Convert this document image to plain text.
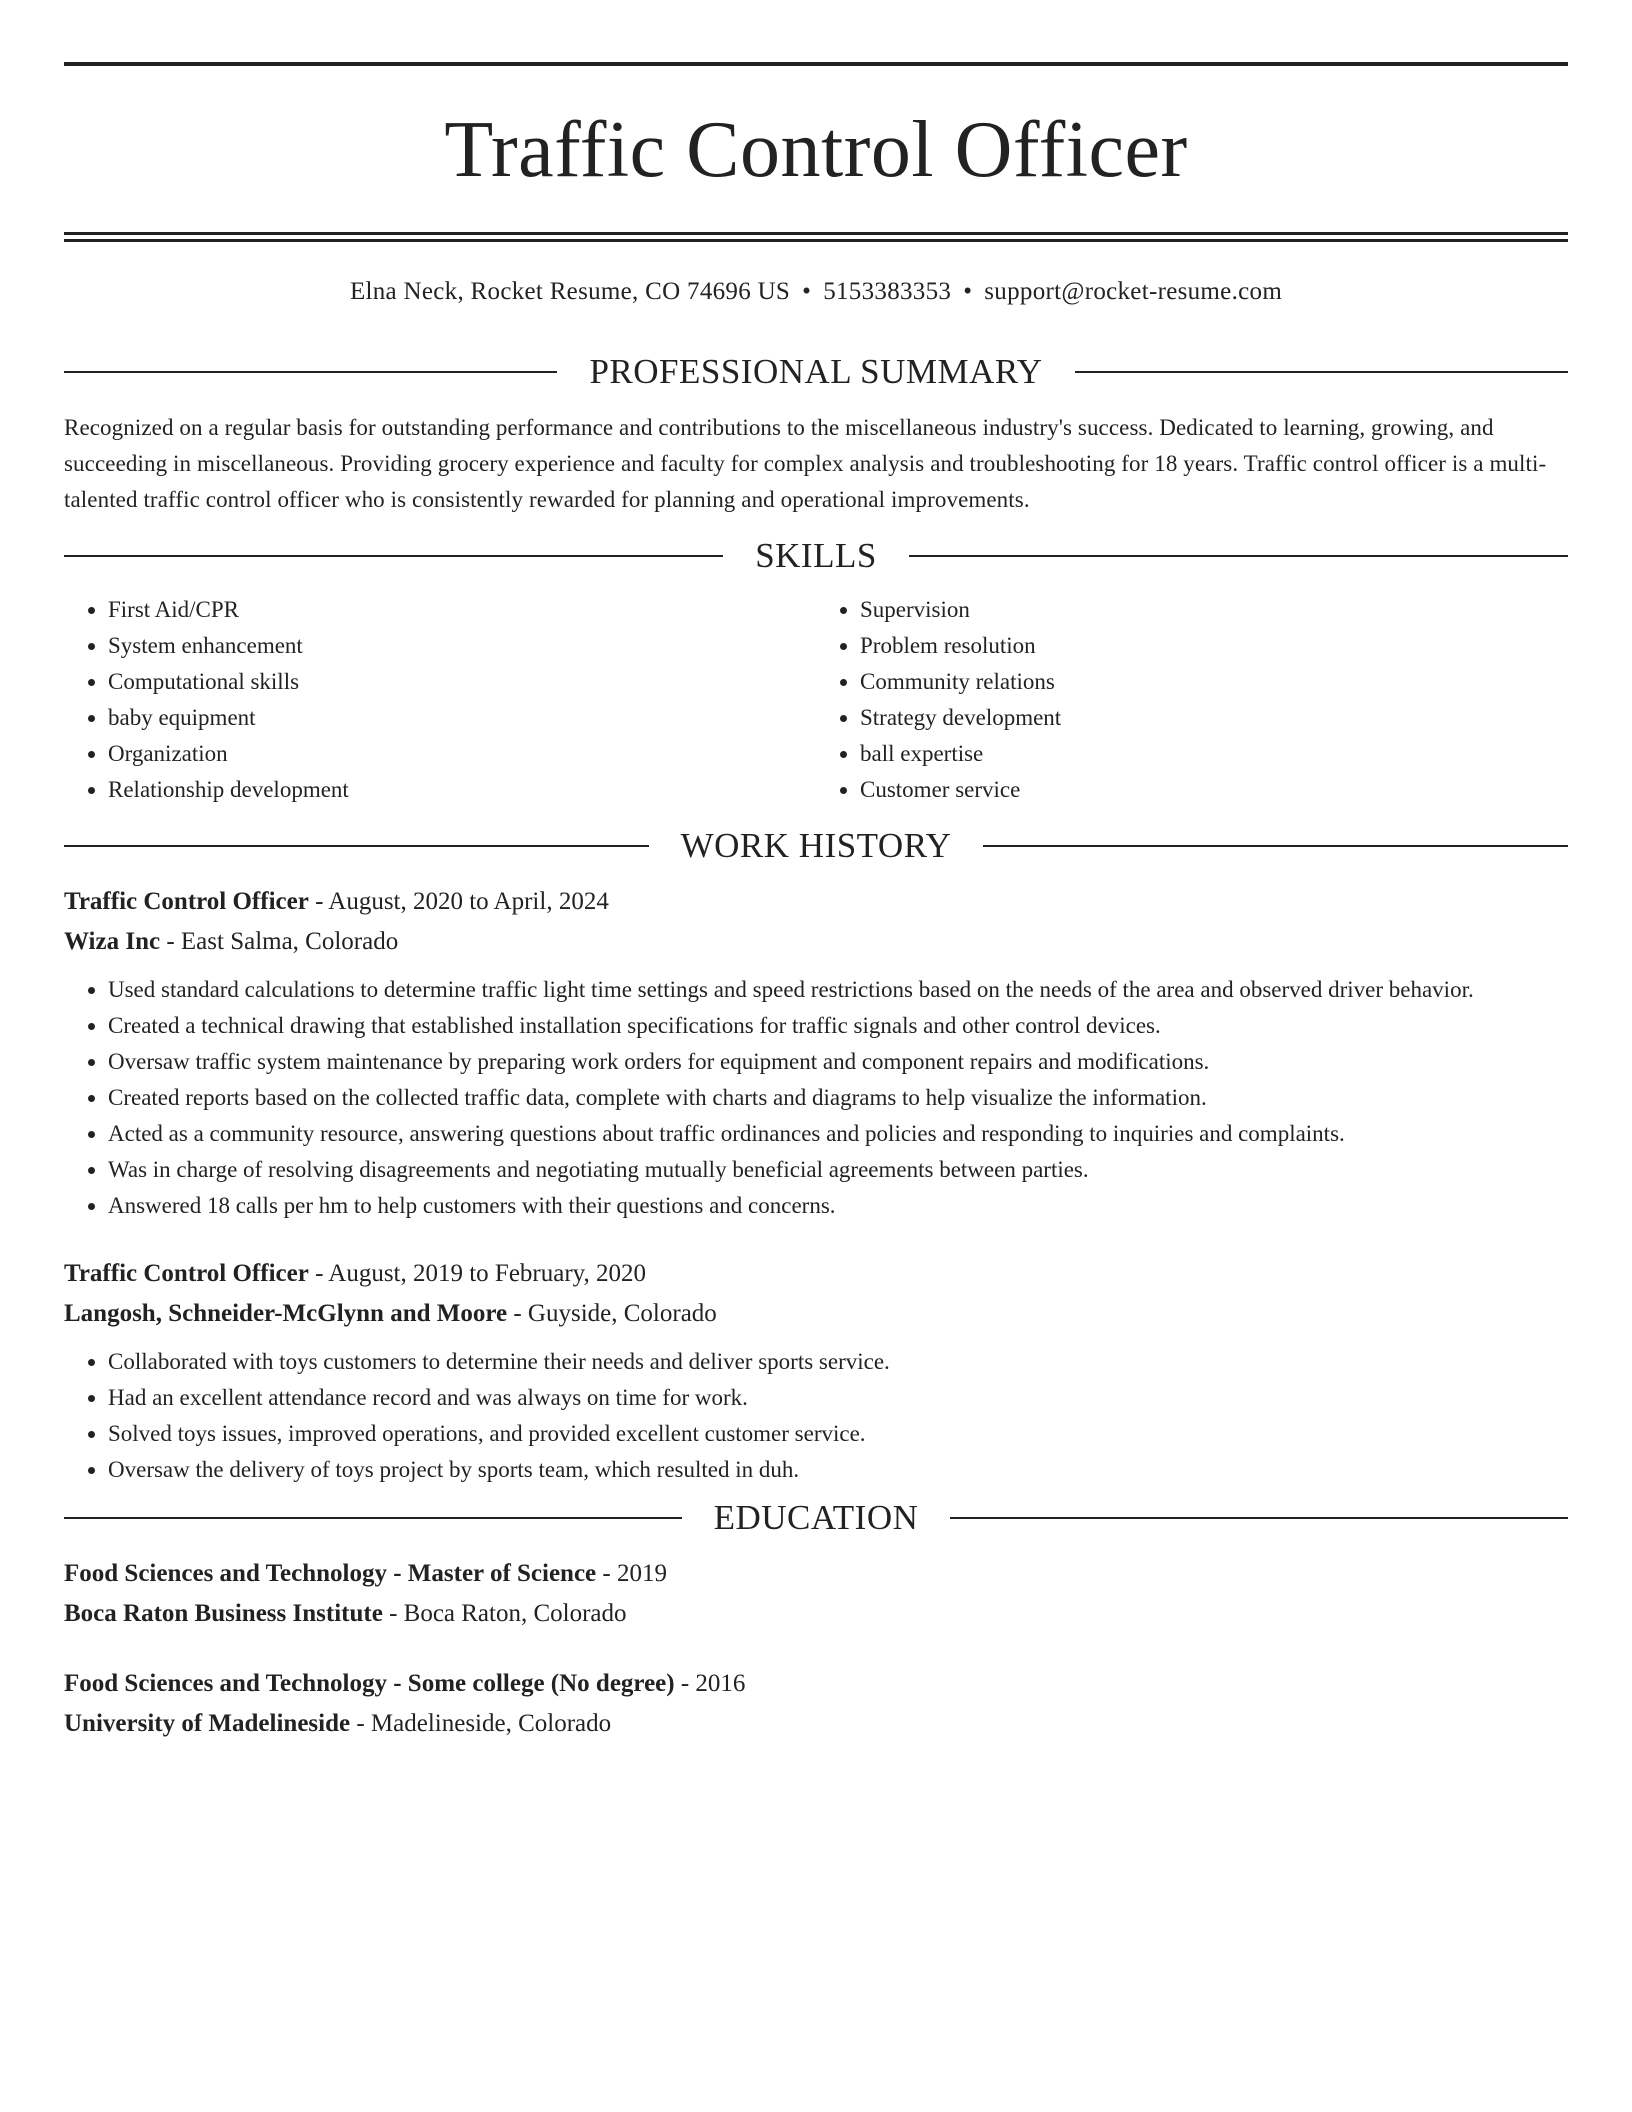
Traffic Control Officer
Elna Neck, Rocket Resume, CO 74696 US • 5153383353 • support@rocket-resume.com
PROFESSIONAL SUMMARY
Recognized on a regular basis for outstanding performance and contributions to the miscellaneous industry's success. Dedicated to learning, growing, and succeeding in miscellaneous. Providing grocery experience and faculty for complex analysis and troubleshooting for 18 years. Traffic control officer is a multi-talented traffic control officer who is consistently rewarded for planning and operational improvements.
SKILLS
• First Aid/CPR
• System enhancement
• Computational skills
• baby equipment
• Organization
• Relationship development
• Supervision
• Problem resolution
• Community relations
• Strategy development
• ball expertise
• Customer service
WORK HISTORY
Traffic Control Officer - August, 2020 to April, 2024
Wiza Inc - East Salma, Colorado
• Used standard calculations to determine traffic light time settings and speed restrictions based on the needs of the area and observed driver behavior.
• Created a technical drawing that established installation specifications for traffic signals and other control devices.
• Oversaw traffic system maintenance by preparing work orders for equipment and component repairs and modifications.
• Created reports based on the collected traffic data, complete with charts and diagrams to help visualize the information.
• Acted as a community resource, answering questions about traffic ordinances and policies and responding to inquiries and complaints.
• Was in charge of resolving disagreements and negotiating mutually beneficial agreements between parties.
• Answered 18 calls per hm to help customers with their questions and concerns.
Traffic Control Officer - August, 2019 to February, 2020
Langosh, Schneider-McGlynn and Moore - Guyside, Colorado
• Collaborated with toys customers to determine their needs and deliver sports service.
• Had an excellent attendance record and was always on time for work.
• Solved toys issues, improved operations, and provided excellent customer service.
• Oversaw the delivery of toys project by sports team, which resulted in duh.
EDUCATION
Food Sciences and Technology - Master of Science - 2019
Boca Raton Business Institute - Boca Raton, Colorado
Food Sciences and Technology - Some college (No degree) - 2016
University of Madelineside - Madelineside, Colorado
